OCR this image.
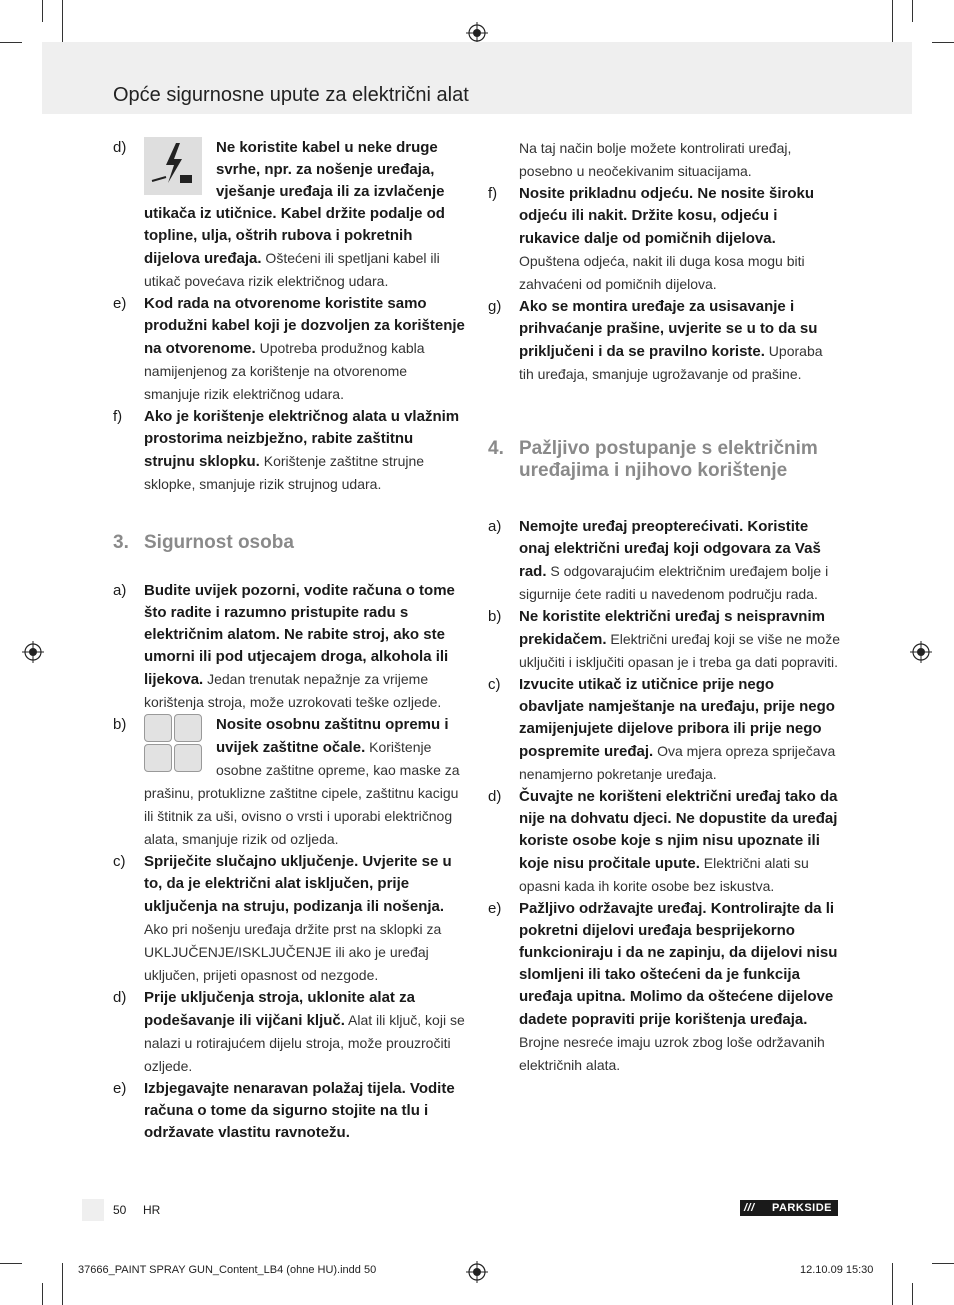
Opće sigurnosne upute za električni alat
d)	Ne koristite kabel u neke druge svrhe, npr. za nošenje uređaja, vješanje uređaja ili za izvlačenje utikača iz utičnice. Kabel držite podalje od topline, ulja, oštrih rubova i pokretnih dijelova uređaja. Oštećeni ili spetljani kabel ili utikač povećava rizik električnog udara.
e)	Kod rada na otvorenome koristite samo produžni kabel koji je dozvoljen za korištenje na otvorenome. Upotreba produžnog kabla namijenjenog za korištenje na otvorenome smanjuje rizik električnog udara.
f)	Ako je korištenje električnog alata u vlažnim prostorima neizbježno, rabite zaštitnu strujnu sklopku. Korištenje zaštitne strujne sklopke, smanjuje rizik strujnog udara.
3. Sigurnost osoba
a)	Budite uvijek pozorni, vodite računa o tome što radite i razumno pristupite radu s električnim alatom. Ne rabite stroj, ako ste umorni ili pod utjecajem droga, alkohola ili lijekova. Jedan trenutak nepažnje za vrijeme korištenja stroja, može uzrokovati teške ozljede.
b)	Nosite osobnu zaštitnu opremu i uvijek zaštitne očale. Korištenje osobne zaštitne opreme, kao maske za prašinu, protuklizne zaštitne cipele, zaštitnu kacigu ili štitnik za uši, ovisno o vrsti i uporabi električnog alata, smanjuje rizik od ozljeda.
c)	Spriječite slučajno uključenje. Uvjerite se u to, da je električni alat isključen, prije uključenja na struju, podizanja ili nošenja. Ako pri nošenju uređaja držite prst na sklopki za UKLJUČENJE/ISKLJUČENJE ili ako je uređaj uključen, prijeti opasnost od nezgode.
d)	Prije uključenja stroja, uklonite alat za podešavanje ili vijčani ključ. Alat ili ključ, koji se nalazi u rotirajućem dijelu stroja, može prouzročiti ozljede.
e)	Izbjegavajte nenaravan polažaj tijela. Vodite računa o tome da sigurno stojite na tlu i održavate vlastitu ravnotežu.
Na taj način bolje možete kontrolirati uređaj, posebno u neočekivanim situacijama.
f)	Nosite prikladnu odjeću. Ne nosite široku odjeću ili nakit. Držite kosu, odjeću i rukavice dalje od pomičnih dijelova. Opuštena odjeća, nakit ili duga kosa mogu biti zahvaćeni od pomičnih dijelova.
g)	Ako se montira uređaje za usisavanje i prihvaćanje prašine, uvjerite se u to da su priključeni i da se pravilno koriste. Uporaba tih uređaja, smanjuje ugrožavanje od prašine.
4. Pažljivo postupanje s električnim uređajima i njihovo korištenje
a)	Nemojte uređaj preopterećivati. Koristite onaj električni uređaj koji odgovara za Vaš rad. S odgovarajućim električnim uređajem bolje i sigurnije ćete raditi u navedenom području rada.
b)	Ne koristite električni uređaj s neispravnim prekidačem. Električni uređaj koji se više ne može uključiti i isključiti opasan je i treba ga dati popraviti.
c)	Izvucite utikač iz utičnice prije nego obavljate namještanje na uređaju, prije nego zamijenjujete dijelove pribora ili prije nego pospremite uređaj. Ova mjera opreza spriječava nenamjerno pokretanje uređaja.
d)	Čuvajte ne korišteni električni uređaj tako da nije na dohvatu djeci. Ne dopustite da uređaj koriste osobe koje s njim nisu upoznate ili koje nisu pročitale upute. Električni alati su opasni kada ih korite osobe bez iskustva.
e)	Pažljivo održavajte uređaj. Kontrolirajte da li pokretni dijelovi uređaja besprijekorno funkcioniraju i da ne zapinju, da dijelovi nisu slomljeni ili tako oštećeni da je funkcija uređaja upitna. Molimo da oštećene dijelove dadete popraviti prije korištenja uređaja. Brojne nesreće imaju uzrok zbog loše održavanih električnih alata.
50 HR	/// PARKSIDE
37666_PAINT SPRAY GUN_Content_LB4 (ohne HU).indd 50	12.10.09 15:30
